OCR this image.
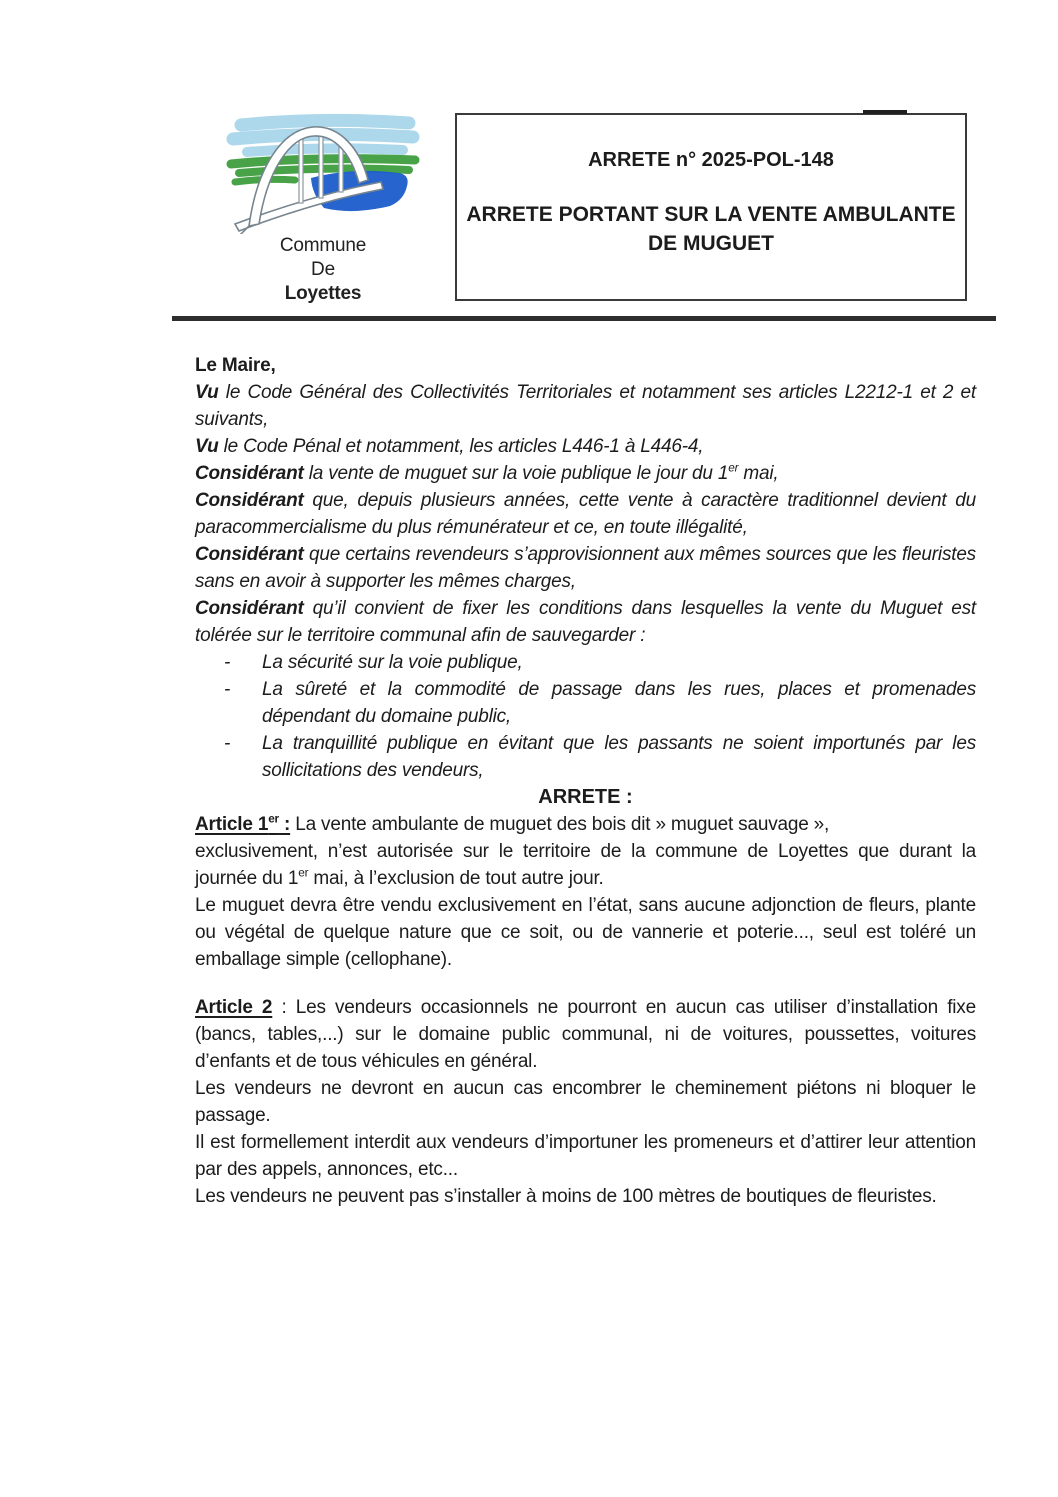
Commune
De
Loyettes
ARRETE n° 2025-POL-148
ARRETE PORTANT SUR LA VENTE AMBULANTE
DE MUGUET

Le Maire,

Vu le Code Général des Collectivités Territoriales et notamment ses articles L2212-1 et 2 et suivants,

Vu le Code Pénal et notamment, les articles L446-1 à L446-4,

Considérant la vente de muguet sur la voie publique le jour du 1er mai,

Considérant que, depuis plusieurs années, cette vente à caractère traditionnel devient du paracommercialisme du plus rémunérateur et ce, en toute illégalité,

Considérant que certains revendeurs s’approvisionnent aux mêmes sources que les fleuristes sans en avoir à supporter les mêmes charges,

Considérant qu’il convient de fixer les conditions dans lesquelles la vente du Muguet est tolérée sur le territoire communal afin de sauvegarder :

-	La sécurité sur la voie publique,
-	La sûreté et la commodité de passage dans les rues, places et promenades dépendant du domaine public,
-	La tranquillité publique en évitant que les passants ne soient importunés par les sollicitations des vendeurs,

ARRETE :

Article 1er : La vente ambulante de muguet des bois dit » muguet sauvage »,

exclusivement, n’est autorisée sur le territoire de la commune de Loyettes que durant la journée du 1er mai, à l’exclusion de tout autre jour.

Le muguet devra être vendu exclusivement en l’état, sans aucune adjonction de fleurs, plante ou végétal de quelque nature que ce soit, ou de vannerie et poterie..., seul est toléré un emballage simple (cellophane).

Article 2 : Les vendeurs occasionnels ne pourront en aucun cas utiliser d’installation fixe (bancs, tables,...) sur le domaine public communal, ni de voitures, poussettes, voitures d’enfants et de tous véhicules en général.

Les vendeurs ne devront en aucun cas encombrer le cheminement piétons ni bloquer le passage.

Il est formellement interdit aux vendeurs d’importuner les promeneurs et d’attirer leur attention par des appels, annonces, etc...

Les vendeurs ne peuvent pas s’installer à moins de 100 mètres de boutiques de fleuristes.
